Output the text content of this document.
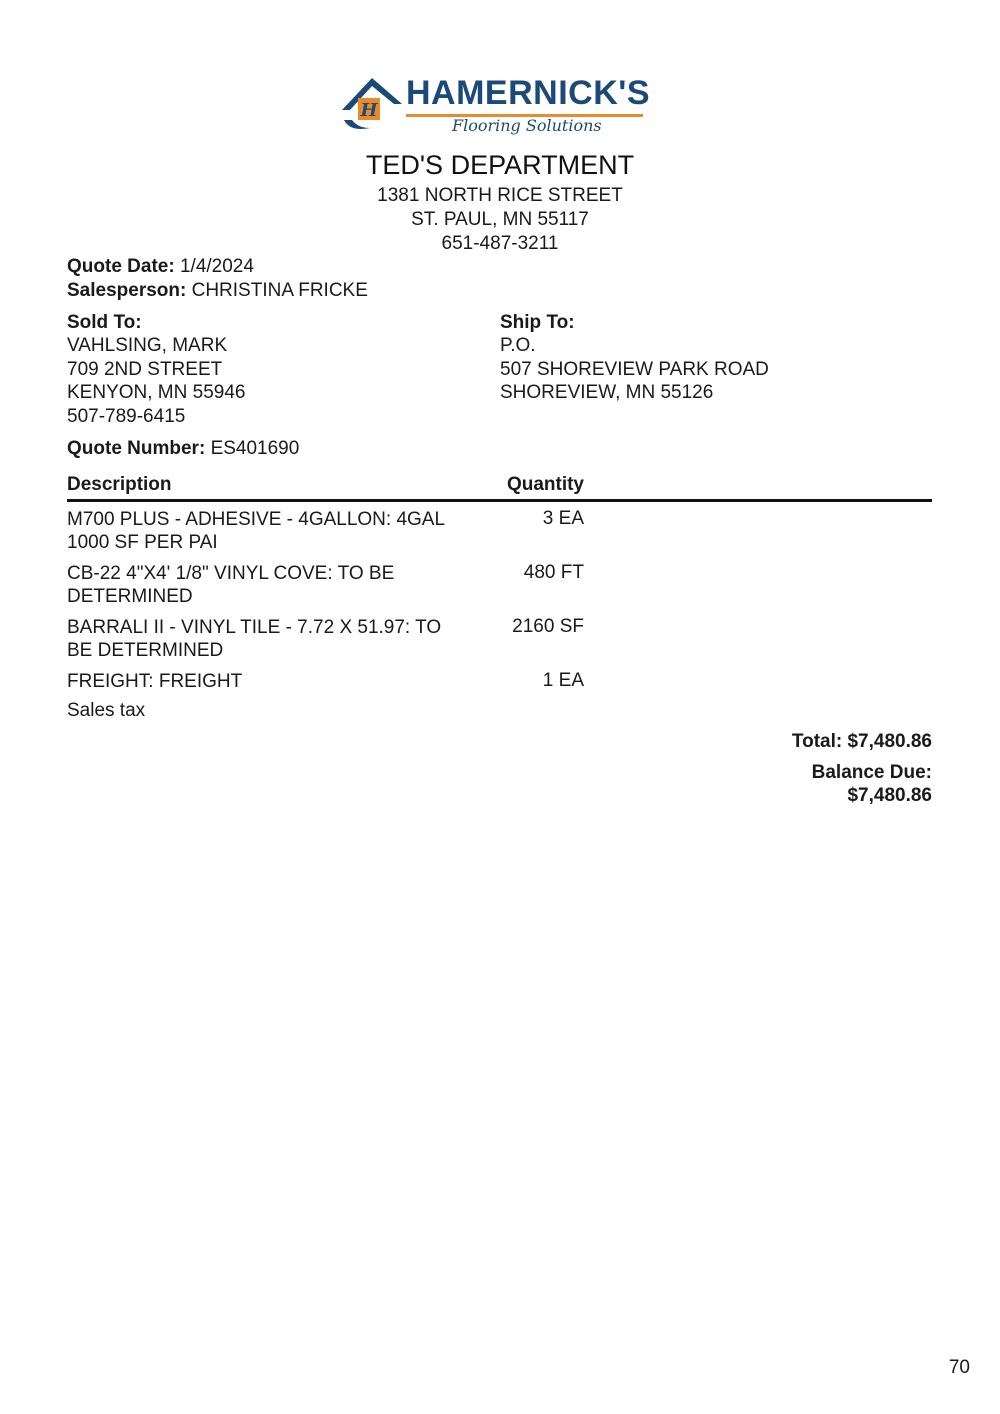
H HAMERNICK'S
Flooring Solutions
TED'S DEPARTMENT
1381 NORTH RICE STREET
ST. PAUL, MN 55117
651-487-3211
Quote Date: 1/4/2024
Salesperson: CHRISTINA FRICKE
Sold To:
VAHLSING, MARK
709 2ND STREET
KENYON, MN 55946
507-789-6415
Ship To:
P.O.
507 SHOREVIEW PARK ROAD
SHOREVIEW, MN 55126
Quote Number: ES401690
Description	Quantity
M700 PLUS - ADHESIVE - 4GALLON: 4GAL 1000 SF PER PAI
3 EA
CB-22 4"X4' 1/8" VINYL COVE: TO BE DETERMINED
480 FT
BARRALI II - VINYL TILE - 7.72 X 51.97: TO BE DETERMINED
2160 SF
FREIGHT: FREIGHT	1 EA
Sales tax
Total: $7,480.86
Balance Due:
$7,480.86
70
